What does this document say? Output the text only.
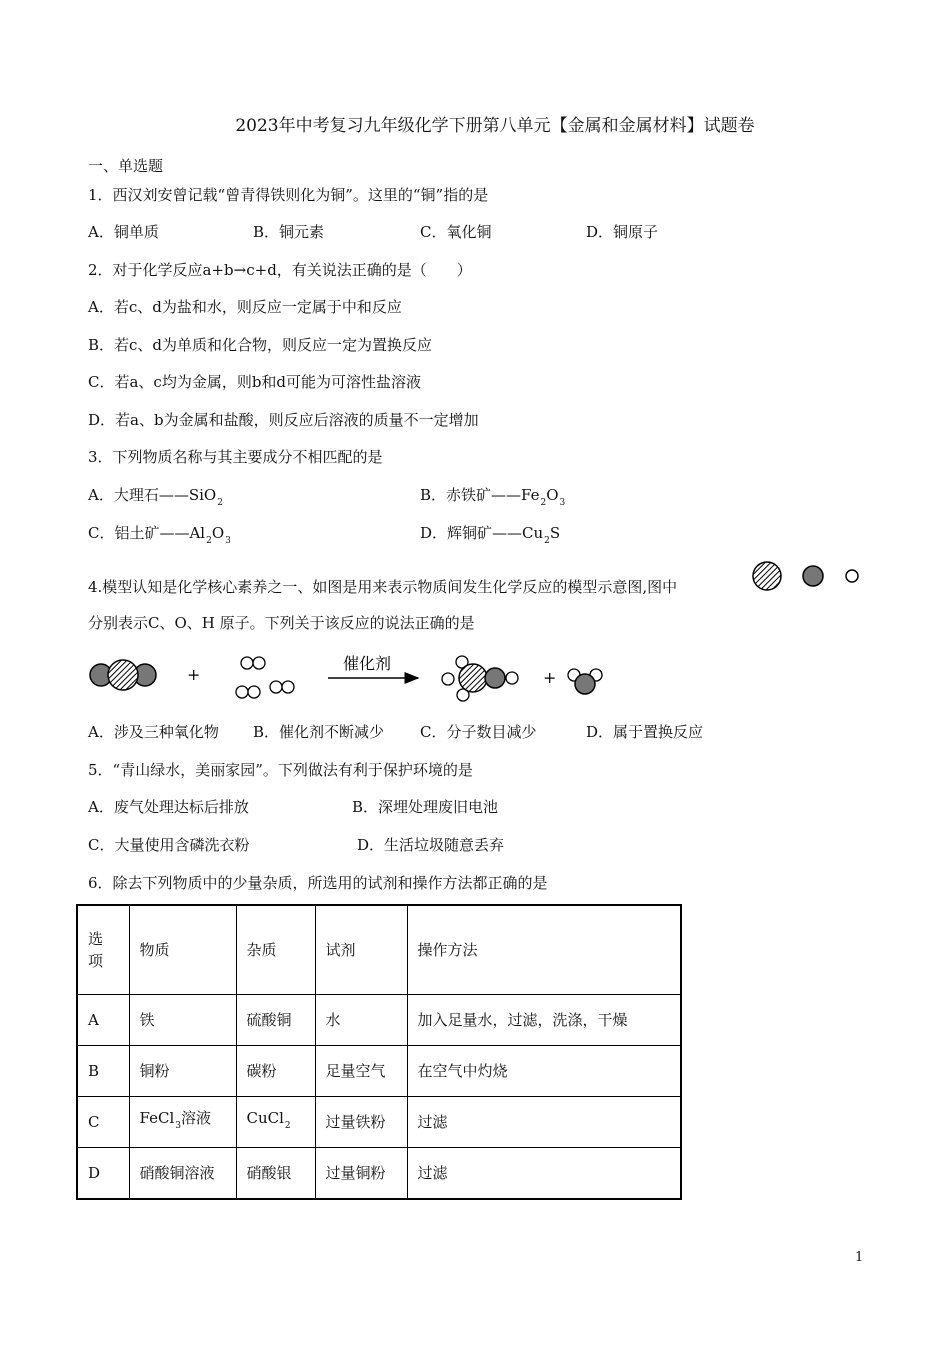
2023年中考复习九年级化学下册第八单元【金属和金属材料】试题卷
一、单选题
1．西汉刘安曾记载“曾青得铁则化为铜”。这里的“铜”指的是
A．铜单质	B．铜元素	C．氧化铜	D．铜原子
2．对于化学反应a+b→c+d，有关说法正确的是（　　）
A．若c、d为盐和水，则反应一定属于中和反应
B．若c、d为单质和化合物，则反应一定为置换反应
C．若a、c均为金属，则b和d可能为可溶性盐溶液
D．若a、b为金属和盐酸，则反应后溶液的质量不一定增加
3．下列物质名称与其主要成分不相匹配的是
A．大理石——SiO$_2$	B．赤铁矿$——Fe_2O_3$
C．铝土矿$——Al_2O_3$	D．辉铜矿$——Cu_2S$
4.模型认知是化学核心素养之一、如图是用来表示物质间发生化学反应的模型示意图,图中
分别表示C、O、H 原子。下列关于该反应的说法正确的是
+
催化剂
+
A．涉及三种氧化物 B．催化剂不断减少 C．分子数目减少	D．属于置换反应
5．“青山绿水，美丽家园”。下列做法有利于保护环境的是
A．废气处理达标后排放	B．深埋处理废旧电池
C．大量使用含磷洗衣粉	D．生活垃圾随意丢弃
6．除去下列物质中的少量杂质，所选用的试剂和操作方法都正确的是
选
项	物质	杂质	试剂	操作方法
A	铁	硫酸铜	水	加入足量水，过滤，洗涤，干燥
B	铜粉	碳粉	足量空气	在空气中灼烧
C	FeCl$_3$溶液	CuCl$_2$	过量铁粉	过滤
D	硝酸铜溶液	硝酸银	过量铜粉	过滤
1
